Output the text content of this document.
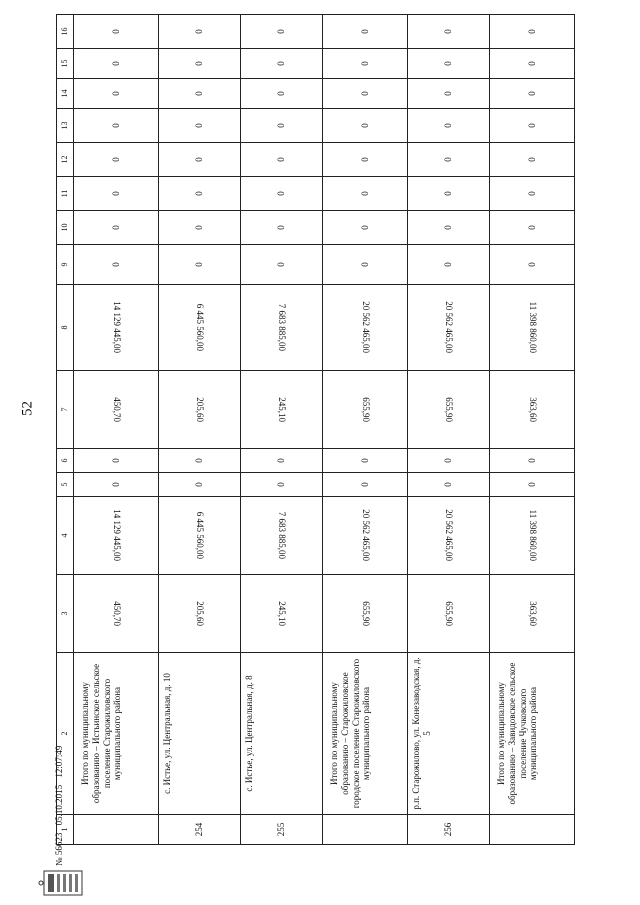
52
1	2	3	4	5	6	7	8	9	10	11	12	13	14	15	16
	Итого по муниципальному образованию – Истьинское сельское поселение Старожиловского муниципального района	450,70	14 129 445,00	0	0	450,70	14 129 445,00	0	0	0	0	0	0	0	0
254	с. Истье, ул. Центральная, д. 10	205,60	6 445 560,00	0	0	205,60	6 445 560,00	0	0	0	0	0	0	0	0
255	с. Истье, ул. Центральная, д. 8	245,10	7 683 885,00	0	0	245,10	7 683 885,00	0	0	0	0	0	0	0	0
	Итого по муниципальному образованию – Старожиловское городское поселение Старожиловского муниципального района	655,90	20 562 465,00	0	0	655,90	20 562 465,00	0	0	0	0	0	0	0	0
256	р.п. Старожилово, ул. Конезаводская, д. 5	655,90	20 562 465,00	0	0	655,90	20 562 465,00	0	0	0	0	0	0	0	0
	Итого по муниципальному образованию – Завидовское сельское поселение Чучковского муниципального района	363,60	11 398 860,00	0	0	363,60	11 398 860,00	0	0	0	0	0	0	0	0
№ 56623 05.10.2015 12:07:49
